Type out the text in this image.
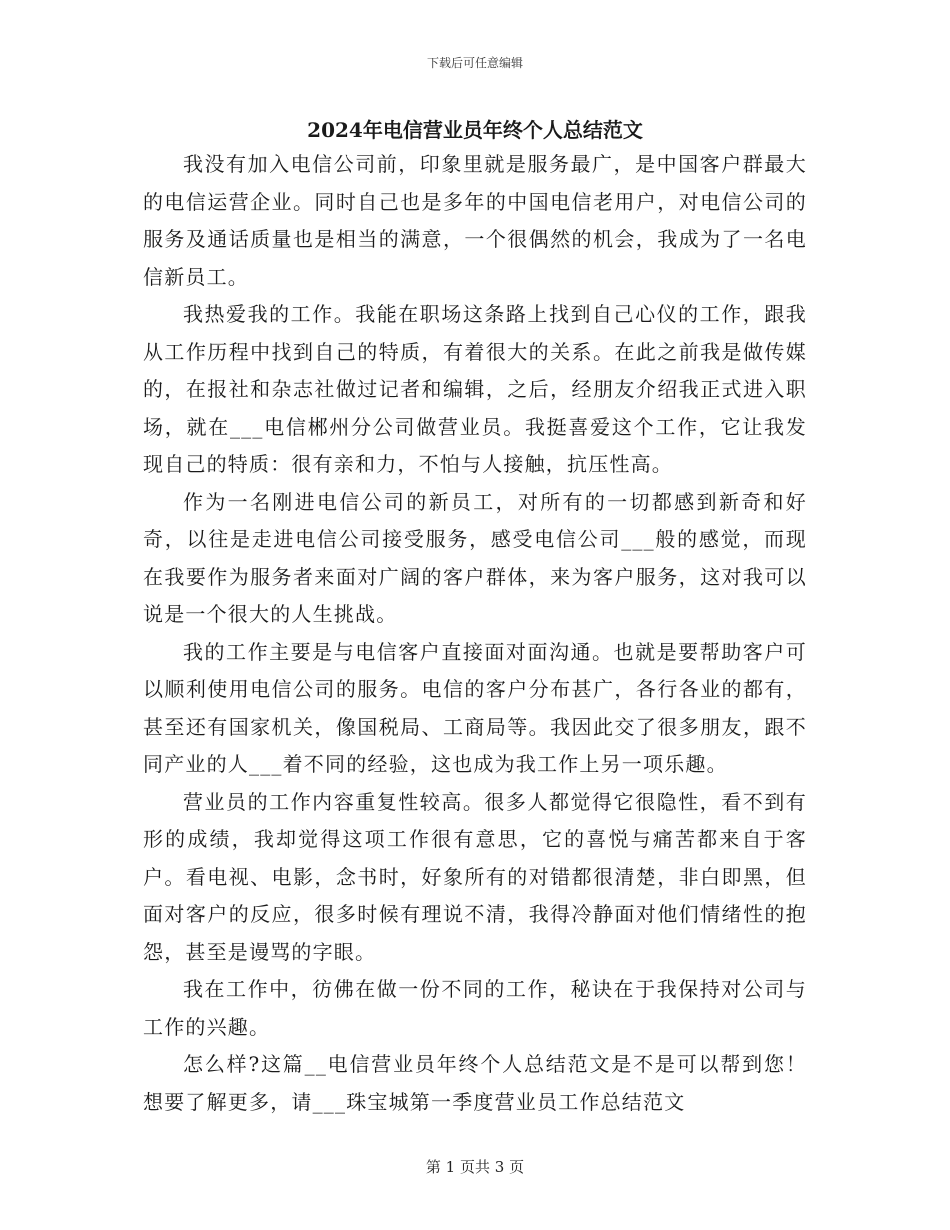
下载后可任意编辑
2024年电信营业员年终个人总结范文

我没有加入电信公司前，印象里就是服务最广，是中国客户群最大的电信运营企业。同时自己也是多年的中国电信老用户，对电信公司的服务及通话质量也是相当的满意，一个很偶然的机会，我成为了一名电信新员工。

我热爱我的工作。我能在职场这条路上找到自己心仪的工作，跟我从工作历程中找到自己的特质，有着很大的关系。在此之前我是做传媒的，在报社和杂志社做过记者和编辑，之后，经朋友介绍我正式进入职场，就在___电信郴州分公司做营业员。我挺喜爱这个工作，它让我发现自己的特质：很有亲和力，不怕与人接触，抗压性高。

作为一名刚进电信公司的新员工，对所有的一切都感到新奇和好奇，以往是走进电信公司接受服务，感受电信公司___般的感觉，而现在我要作为服务者来面对广阔的客户群体，来为客户服务，这对我可以说是一个很大的人生挑战。

我的工作主要是与电信客户直接面对面沟通。也就是要帮助客户可以顺利使用电信公司的服务。电信的客户分布甚广，各行各业的都有，甚至还有国家机关，像国税局、工商局等。我因此交了很多朋友，跟不同产业的人___着不同的经验，这也成为我工作上另一项乐趣。

营业员的工作内容重复性较高。很多人都觉得它很隐性，看不到有形的成绩，我却觉得这项工作很有意思，它的喜悦与痛苦都来自于客户。看电视、电影，念书时，好象所有的对错都很清楚，非白即黑，但面对客户的反应，很多时候有理说不清，我得冷静面对他们情绪性的抱怨，甚至是谩骂的字眼。

我在工作中，彷佛在做一份不同的工作，秘诀在于我保持对公司与工作的兴趣。

怎么样?这篇__电信营业员年终个人总结范文是不是可以帮到您！想要了解更多，请___珠宝城第一季度营业员工作总结范文

第 1 页共 3 页
